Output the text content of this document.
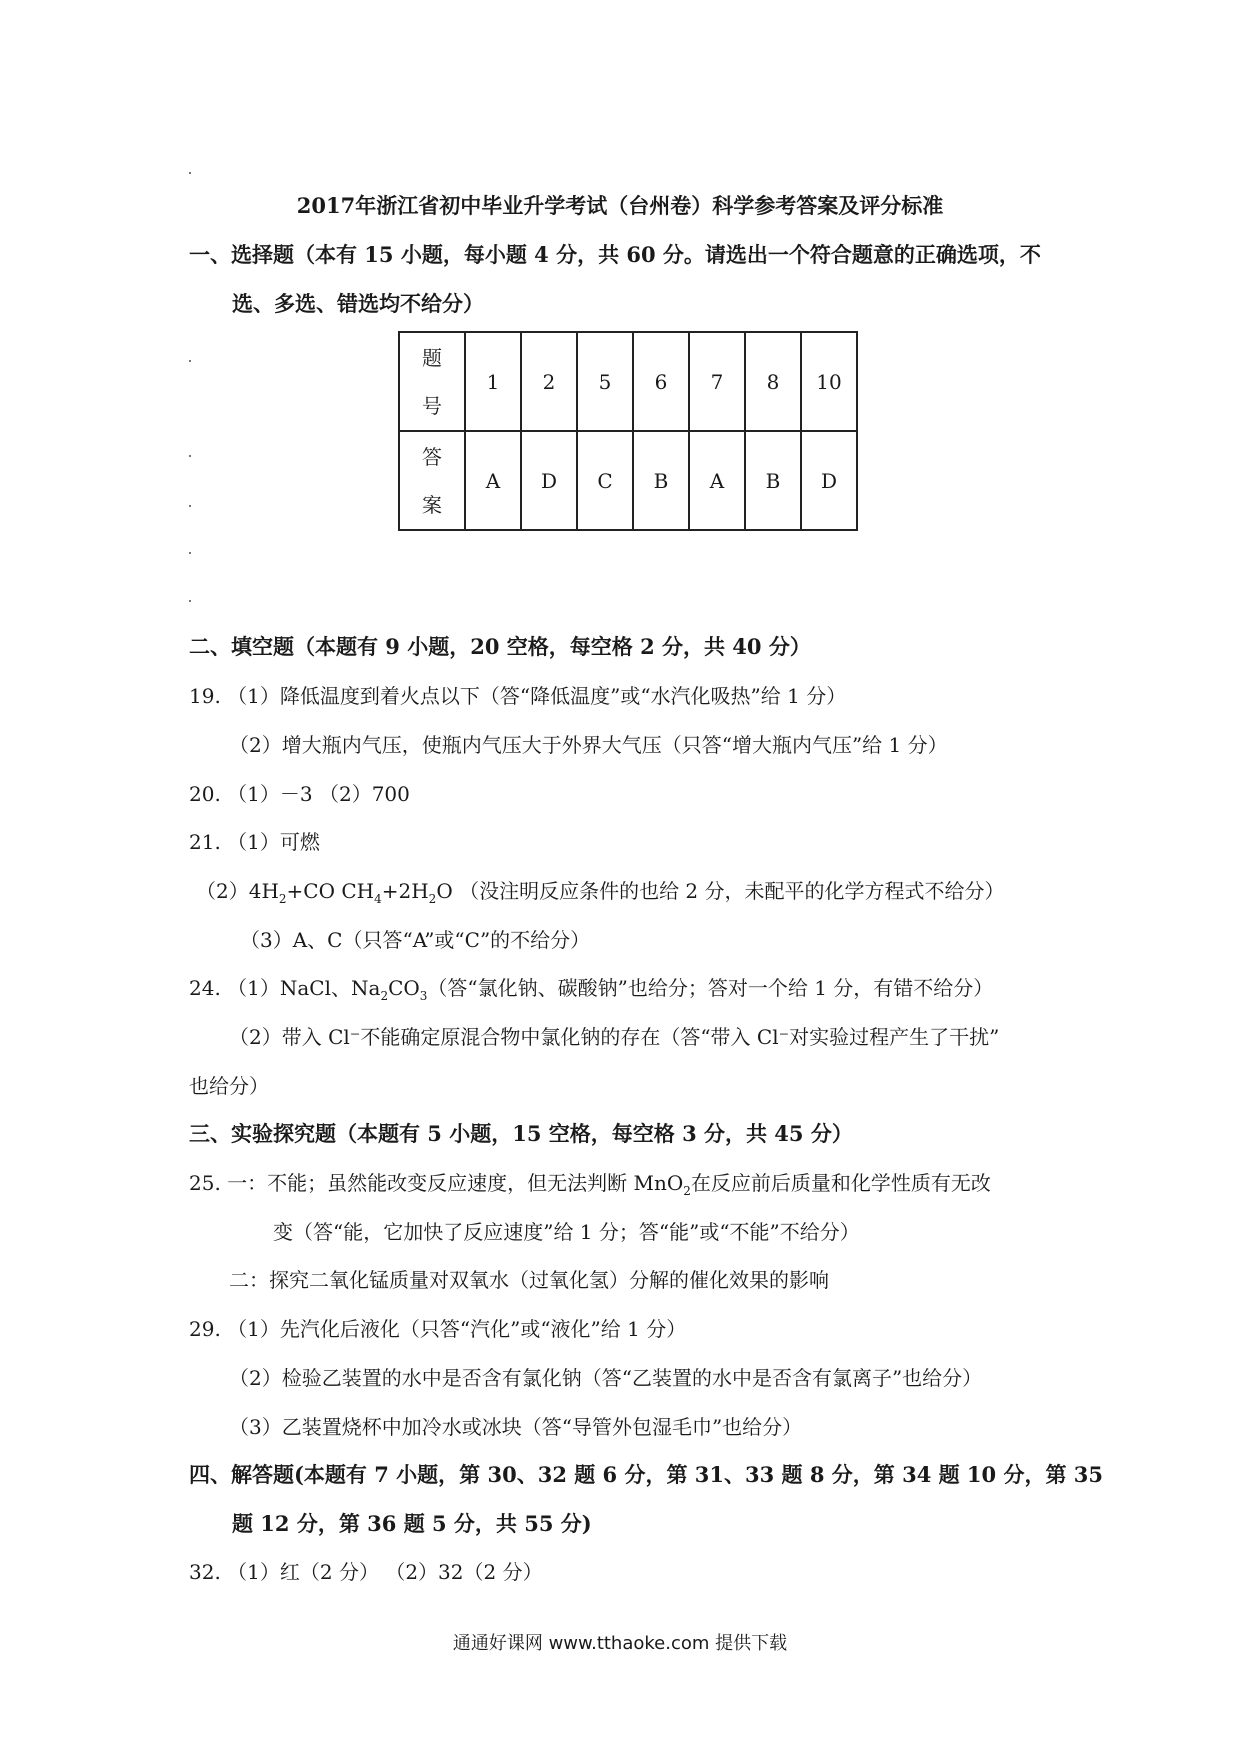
2017年浙江省初中毕业升学考试（台州卷）科学参考答案及评分标准
一、选择题（本有 15 小题，每小题 4 分，共 60 分。请选出一个符合题意的正确选项，不
选、多选、错选均不给分）
题
号	1	2	5	6	7	8	10

答
案	A	D	C	B	A	B	D
二、填空题（本题有 9 小题，20 空格，每空格 2 分，共 40 分）
19. （1）降低温度到着火点以下（答“降低温度”或“水汽化吸热”给 1 分）
（2）增大瓶内气压，使瓶内气压大于外界大气压（只答“增大瓶内气压”给 1 分）
20. （1）－3 （2）700
21. （1）可燃
$(2)4H_2+CO$ $CH_4+2H_2O$ （没注明反应条件的也给 2 分，未配平的化学方程式不给分）
（3）A、C（只答“A”或“C”的不给分）
24. （1）NaCl、$Na_2CO_3$（答“氯化钠、碳酸钠”也给分；答对一个给 1 分，有错不给分）
（2）带入 Cl⁻不能确定原混合物中氯化钠的存在（答“带入 Cl⁻对实验过程产生了干扰”
也给分）
三、实验探究题（本题有 5 小题，15 空格，每空格 3 分，共 45 分）
25. 一：不能；虽然能改变反应速度，但无法判断 MnO$_2$在反应前后质量和化学性质有无改
变（答“能，它加快了反应速度”给 1 分；答“能”或“不能”不给分）
二：探究二氧化锰质量对双氧水（过氧化氢）分解的催化效果的影响
29. （1）先汽化后液化（只答“汽化”或“液化”给 1 分）
（2）检验乙装置的水中是否含有氯化钠（答“乙装置的水中是否含有氯离子”也给分）
（3）乙装置烧杯中加冷水或冰块（答“导管外包湿毛巾”也给分）
四、解答题(本题有 7 小题，第 30、32 题 6 分，第 31、33 题 8 分，第 34 题 10 分，第 35
题 12 分，第 36 题 5 分，共 55 分)
32. （1）红（2 分） （2）32（2 分）
通通好课网 www.tthaoke.com 提供下载
